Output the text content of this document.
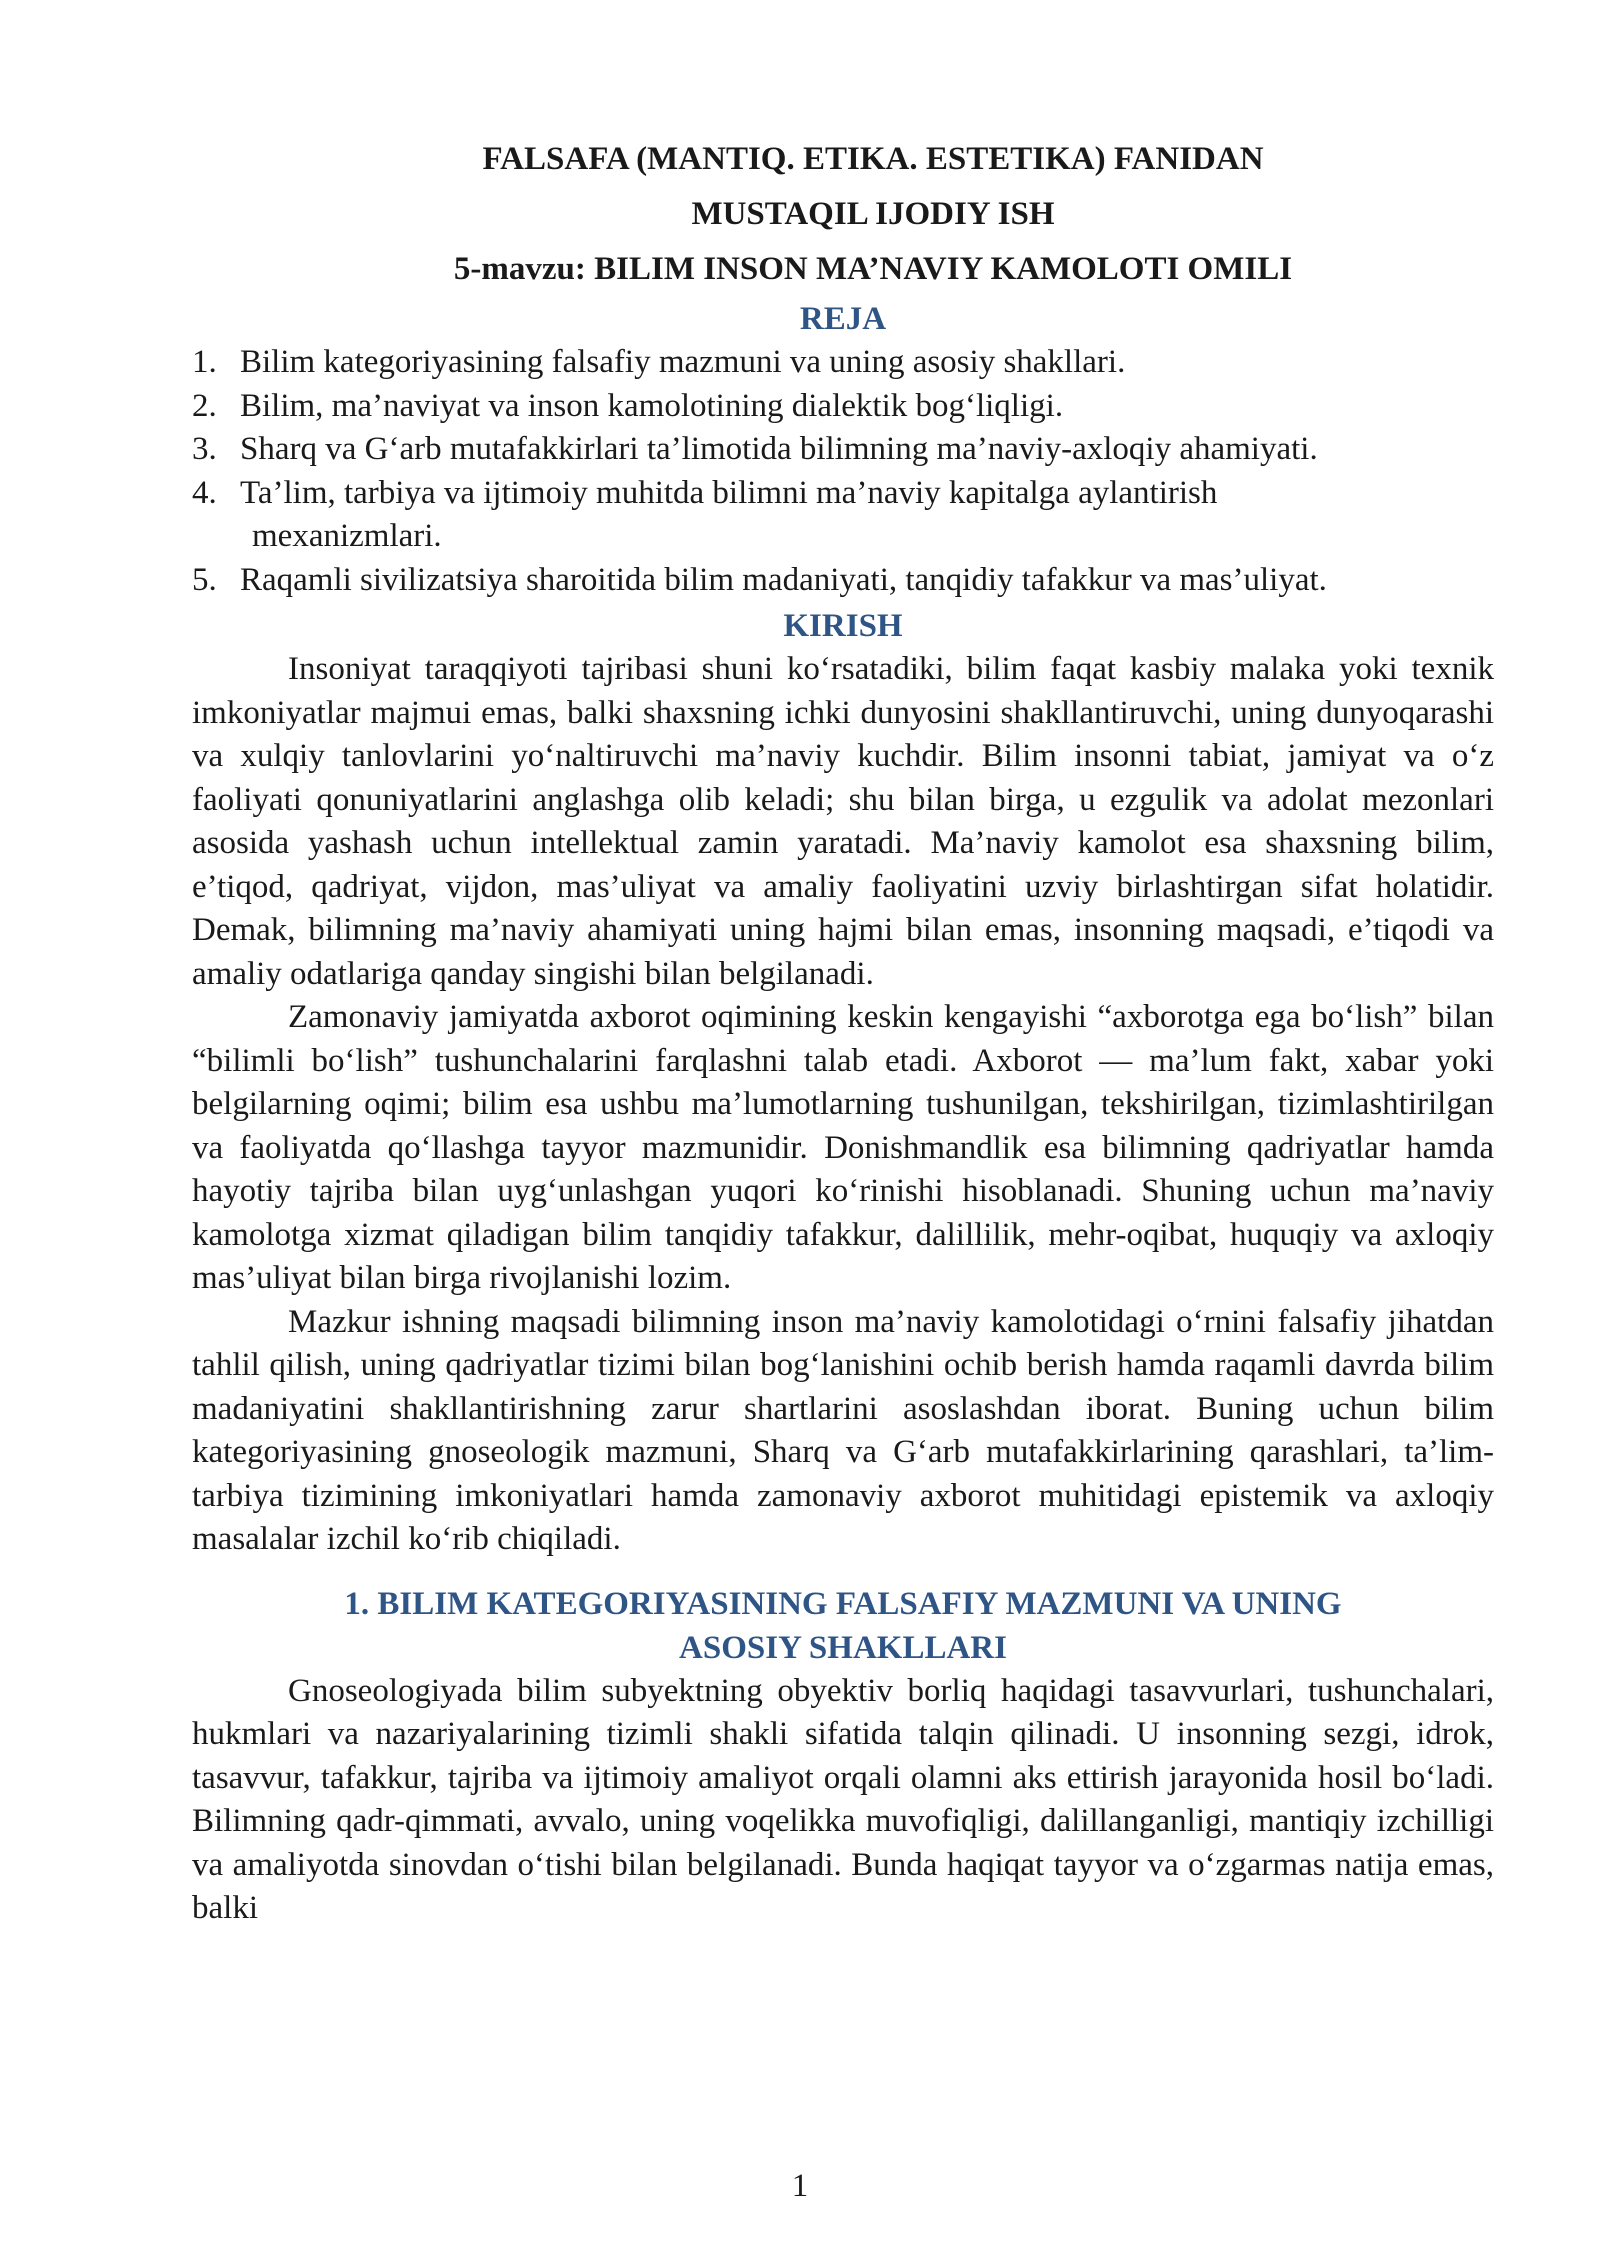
FALSAFA (MANTIQ. ETIKA. ESTETIKA) FANIDAN

MUSTAQIL IJODIY ISH

5-mavzu: BILIM INSON MA’NAVIY KAMOLOTI OMILI

REJA
1. Bilim kategoriyasining falsafiy mazmuni va uning asosiy shakllari.
2. Bilim, ma’naviyat va inson kamolotining dialektik bog‘liqligi.
3. Sharq va G‘arb mutafakkirlari ta’limotida bilimning ma’naviy-axloqiy ahamiyati.
4. Ta’lim, tarbiya va ijtimoiy muhitda bilimni ma’naviy kapitalga aylantirish
mexanizmlari.
5. Raqamli sivilizatsiya sharoitida bilim madaniyati, tanqidiy tafakkur va mas’uliyat.
KIRISH

Insoniyat taraqqiyoti tajribasi shuni ko‘rsatadiki, bilim faqat kasbiy malaka yoki texnik imkoniyatlar majmui emas, balki shaxsning ichki dunyosini shakllantiruvchi, uning dunyoqarashi va xulqiy tanlovlarini yo‘naltiruvchi ma’naviy kuchdir. Bilim insonni tabiat, jamiyat va o‘z faoliyati qonuniyatlarini anglashga olib keladi; shu bilan birga, u ezgulik va adolat mezonlari asosida yashash uchun intellektual zamin yaratadi. Ma’naviy kamolot esa shaxsning bilim, e’tiqod, qadriyat, vijdon, mas’uliyat va amaliy faoliyatini uzviy birlashtirgan sifat holatidir. Demak, bilimning ma’naviy ahamiyati uning hajmi bilan emas, insonning maqsadi, e’tiqodi va amaliy odatlariga qanday singishi bilan belgilanadi.

Zamonaviy jamiyatda axborot oqimining keskin kengayishi “axborotga ega bo‘lish” bilan “bilimli bo‘lish” tushunchalarini farqlashni talab etadi. Axborot — ma’lum fakt, xabar yoki belgilarning oqimi; bilim esa ushbu ma’lumotlarning tushunilgan, tekshirilgan, tizimlashtirilgan va faoliyatda qo‘llashga tayyor mazmunidir. Donishmandlik esa bilimning qadriyatlar hamda hayotiy tajriba bilan uyg‘unlashgan yuqori ko‘rinishi hisoblanadi. Shuning uchun ma’naviy kamolotga xizmat qiladigan bilim tanqidiy tafakkur, dalillilik, mehr-oqibat, huquqiy va axloqiy mas’uliyat bilan birga rivojlanishi lozim.

Mazkur ishning maqsadi bilimning inson ma’naviy kamolotidagi o‘rnini falsafiy jihatdan tahlil qilish, uning qadriyatlar tizimi bilan bog‘lanishini ochib berish hamda raqamli davrda bilim madaniyatini shakllantirishning zarur shartlarini asoslashdan iborat. Buning uchun bilim kategoriyasining gnoseologik mazmuni, Sharq va G‘arb mutafakkirlarining qarashlari, ta’lim-tarbiya tizimining imkoniyatlari hamda zamonaviy axborot muhitidagi epistemik va axloqiy masalalar izchil ko‘rib chiqiladi.

1. BILIM KATEGORIYASINING FALSAFIY MAZMUNI VA UNING
ASOSIY SHAKLLARI

Gnoseologiyada bilim subyektning obyektiv borliq haqidagi tasavvurlari, tushunchalari, hukmlari va nazariyalarining tizimli shakli sifatida talqin qilinadi. U insonning sezgi, idrok, tasavvur, tafakkur, tajriba va ijtimoiy amaliyot orqali olamni aks ettirish jarayonida hosil bo‘ladi. Bilimning qadr-qimmati, avvalo, uning voqelikka muvofiqligi, dalillanganligi, mantiqiy izchilligi va amaliyotda sinovdan o‘tishi bilan belgilanadi. Bunda haqiqat tayyor va o‘zgarmas natija emas, balki

1
